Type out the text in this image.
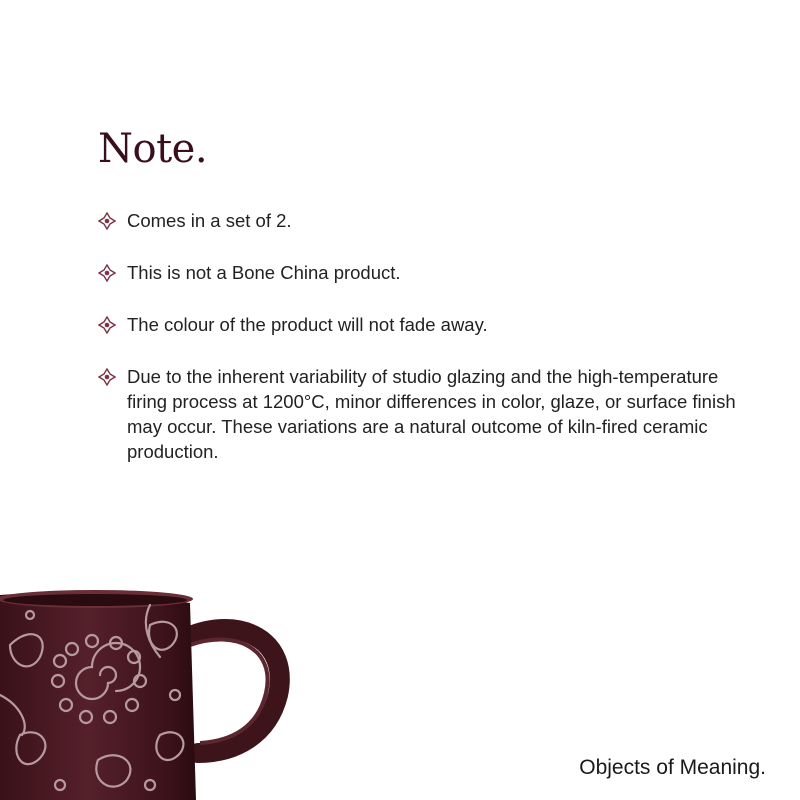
Note.
Comes in a set of 2.
This is not a Bone China product.
The colour of the product will not fade away.
Due to the inherent variability of studio glazing and the high-temperature firing process at 1200°C, minor differences in color, glaze, or surface finish may occur. These variations are a natural outcome of kiln-fired ceramic production.
Objects of Meaning.
